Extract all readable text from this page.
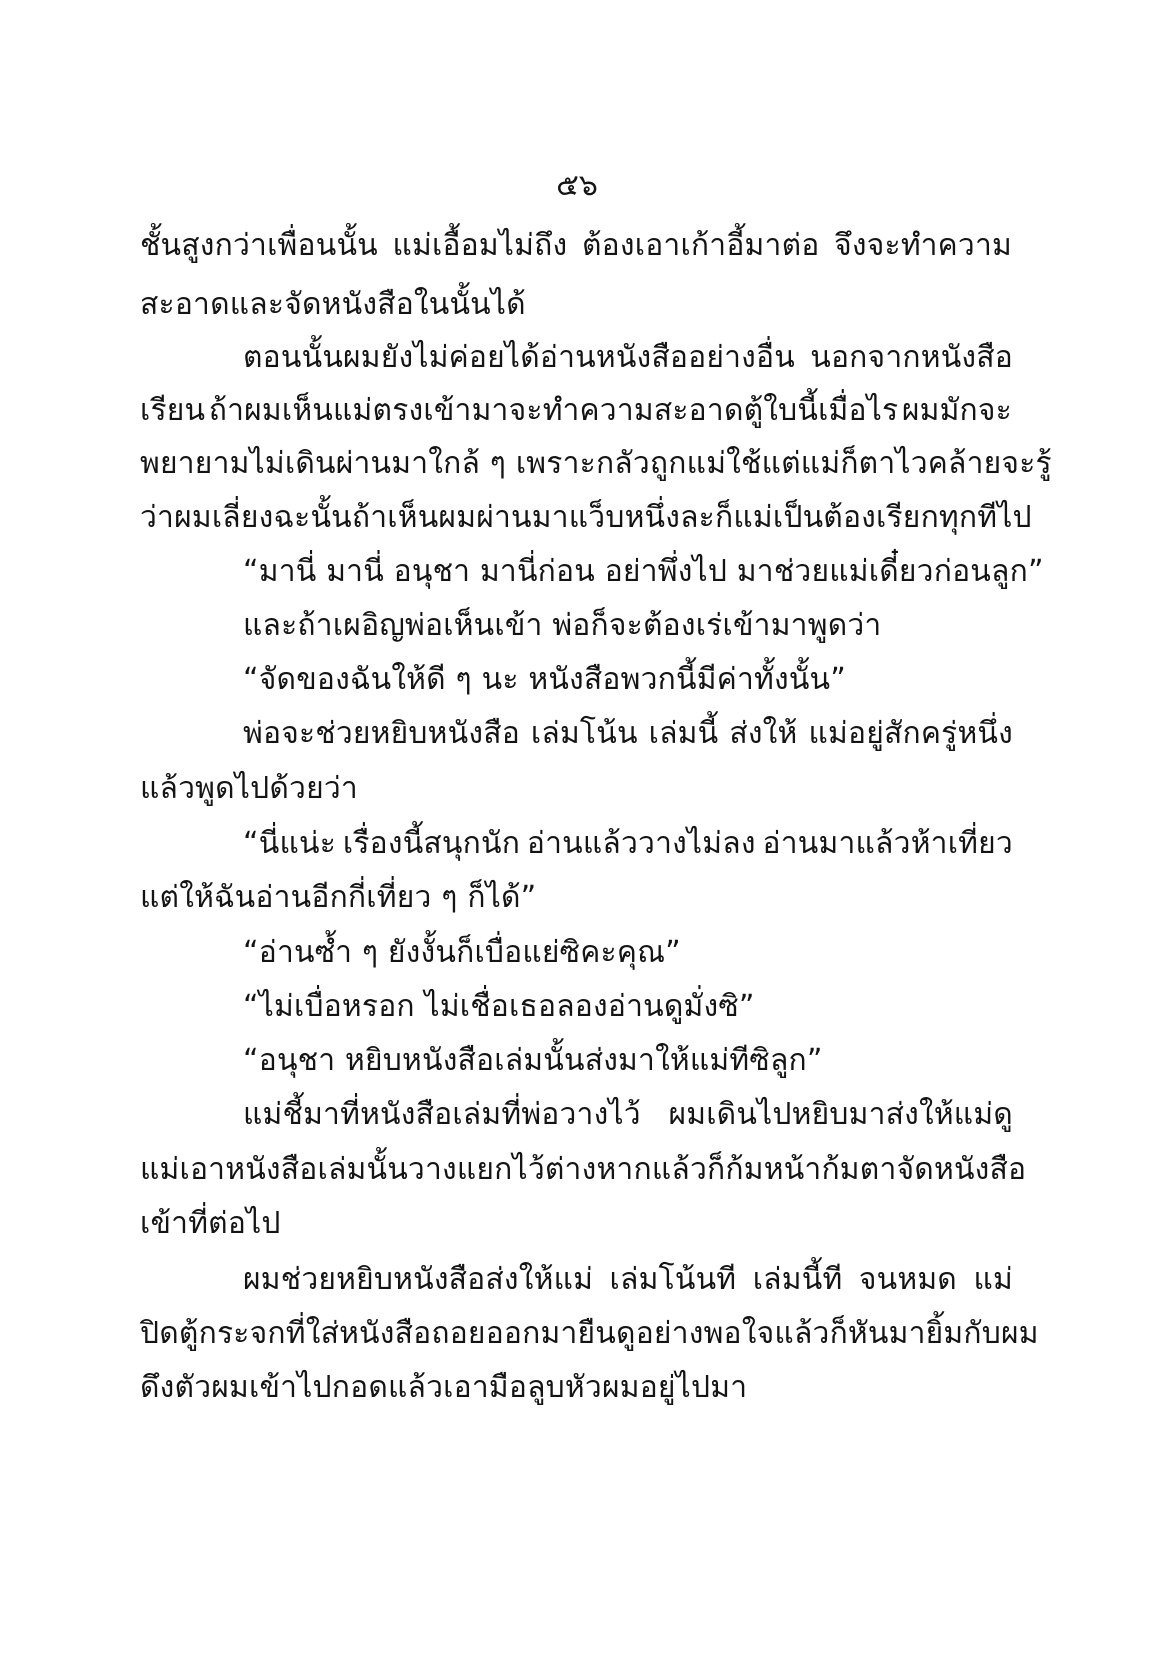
๕๖
ชั้นสูงกว่าเพื่อนนั้น แม่เอื้อมไม่ถึง ต้องเอาเก้าอี้มาต่อ จึงจะทำความ
สะอาดและจัดหนังสือในนั้นได้
ตอนนั้นผมยังไม่ค่อยได้อ่านหนังสืออย่างอื่น นอกจากหนังสือ
เรียน ถ้าผมเห็นแม่ตรงเข้ามาจะทำความสะอาดตู้ใบนี้เมื่อไร ผมมักจะ
พยายามไม่เดินผ่านมาใกล้ ๆ เพราะกลัวถูกแม่ใช้ แต่แม่ก็ตาไว คล้ายจะรู้
ว่าผมเลี่ยง ฉะนั้น ถ้าเห็นผมผ่านมาแว็บหนึ่งละก็แม่เป็นต้องเรียกทุกทีไป
“มานี่ มานี่ อนุชา มานี่ก่อน อย่าพึ่งไป มาช่วยแม่เดี๋ยวก่อนลูก”
และถ้าเผอิญพ่อเห็นเข้า พ่อก็จะต้องเร่เข้ามาพูดว่า
“จัดของฉันให้ดี ๆ นะ หนังสือพวกนี้มีค่าทั้งนั้น”
พ่อจะช่วยหยิบหนังสือ เล่มโน้น เล่มนี้ ส่งให้ แม่อยู่สักครู่หนึ่ง
แล้วพูดไปด้วยว่า
“นี่แน่ะ เรื่องนี้สนุกนัก อ่านแล้ววางไม่ลง อ่านมาแล้วห้าเที่ยว
แต่ให้ฉันอ่านอีกกี่เที่ยว ๆ ก็ได้”
“อ่านซ้ำ ๆ ยังงั้นก็เบื่อแย่ซิคะคุณ”
“ไม่เบื่อหรอก ไม่เชื่อเธอลองอ่านดูมั่งซิ”
“อนุชา หยิบหนังสือเล่มนั้นส่งมาให้แม่ทีซิลูก”
แม่ชี้มาที่หนังสือเล่มที่พ่อวางไว้ ผมเดินไปหยิบมาส่งให้แม่ดู
แม่เอาหนังสือเล่มนั้นวางแยกไว้ต่างหาก แล้วก็ก้มหน้าก้มตาจัดหนังสือ
เข้าที่ต่อไป
ผมช่วยหยิบหนังสือส่งให้แม่ เล่มโน้นที เล่มนี้ที จนหมด แม่
ปิดตู้กระจกที่ใส่หนังสือ ถอยออกมายืนดูอย่างพอใจ แล้วก็หันมายิ้มกับผม
ดึงตัวผมเข้าไปกอดแล้วเอามือลูบหัวผมอยู่ไปมา
